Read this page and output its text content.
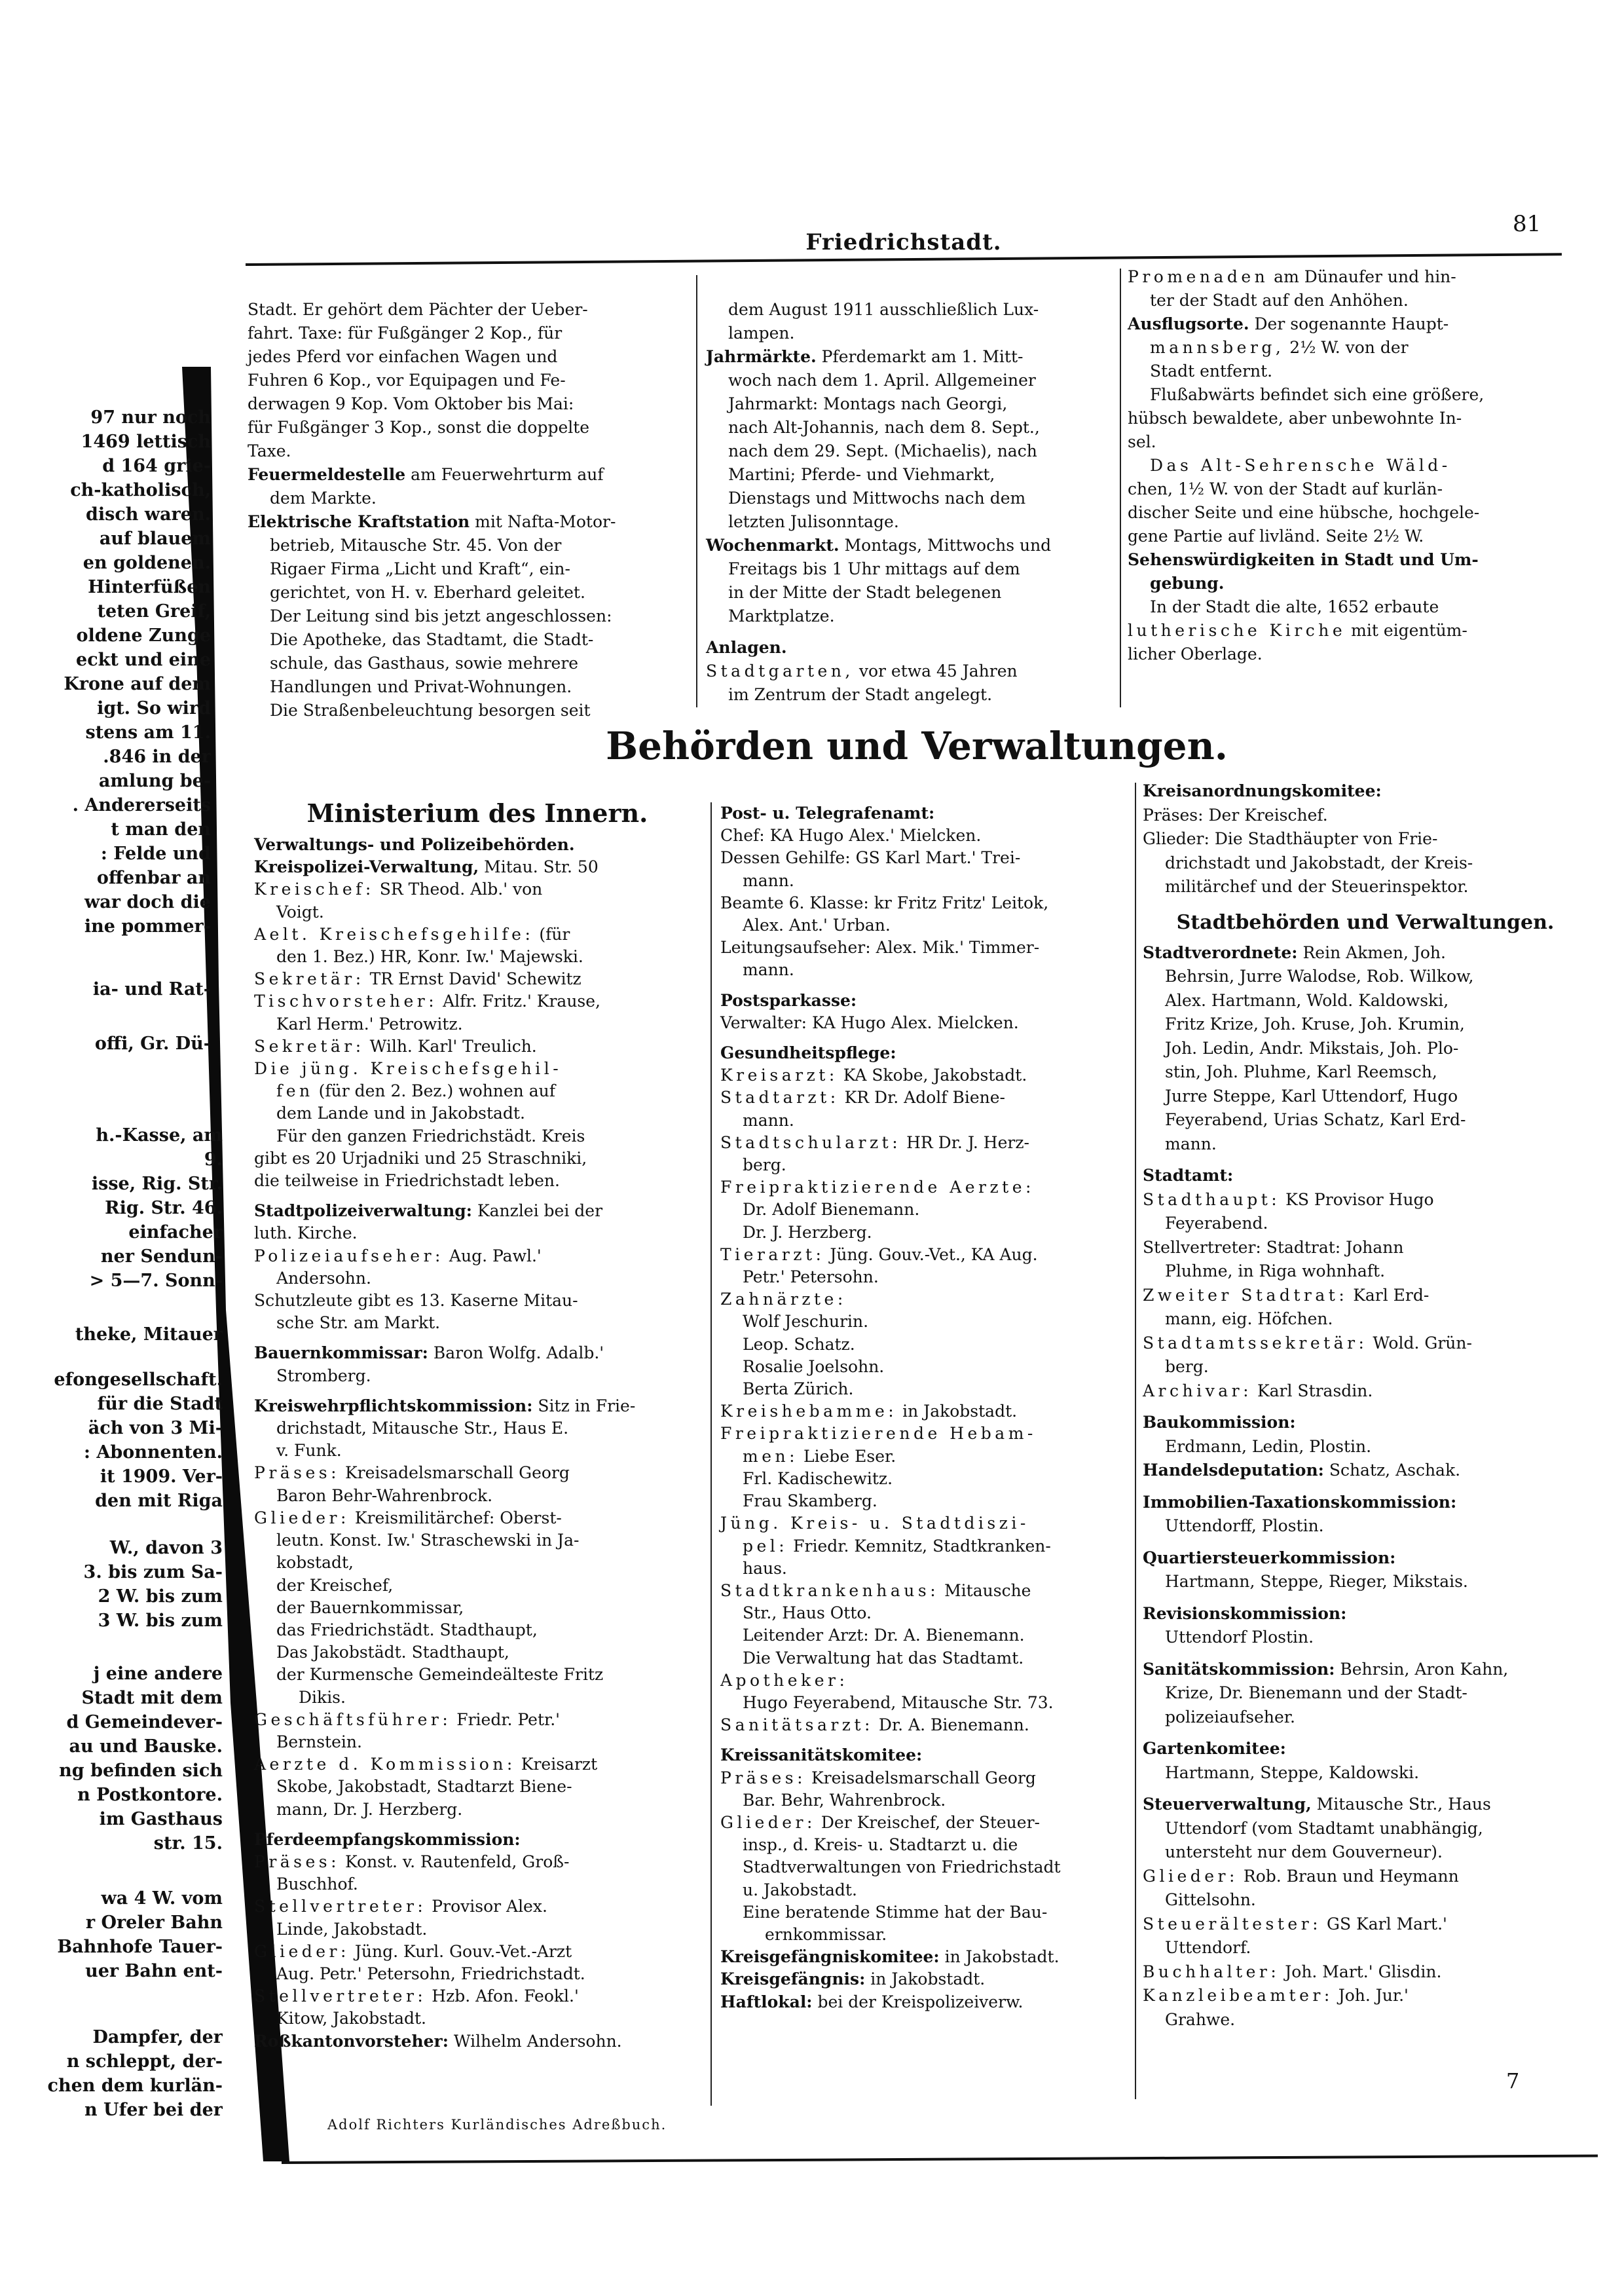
97 nur noch
1469 lettisch
d 164 grie-
ch-katholisch,
disch waren.
auf blauem
en goldenen.
Hinterfüßen
teten Greif,
oldene Zunge
eckt und eine
Krone auf dem
igt. So wird
stens am 11.
.846 in der
amlung be-
. Andererseits
t man den
: Felde und
offenbar an
war doch die
ine pommer-
ia- und Rat-
offi, Gr. Dü-
h.-Kasse, am
9.
isse, Rig. Str.
Rig. Str. 46.
einfacher
ner Sendun-
> 5—7. Sonn-
theke, Mitauer
efongesellschaft.
für die Stadt
äch von 3 Mi-
: Abonnenten.
it 1909. Ver-
den mit Riga
W., davon 3
3. bis zum Sa-
2 W. bis zum
3 W. bis zum
j eine andere
Stadt mit dem
d Gemeindever-
au und Bauske.
ng befinden sich
n Postkontore.
im Gasthaus
str. 15.
wa 4 W. vom
r Oreler Bahn
Bahnhofe Tauer-
uer Bahn ent-
Dampfer, der
n schleppt, der-
chen dem kurlän-
n Ufer bei der
Friedrichstadt.
81
Behörden und Verwaltungen.
Stadt. Er gehört dem Pächter der Ueber-
fahrt. Taxe: für Fußgänger 2 Kop., für
jedes Pferd vor einfachen Wagen und
Fuhren 6 Kop., vor Equipagen und Fe-
derwagen 9 Kop. Vom Oktober bis Mai:
für Fußgänger 3 Kop., sonst die doppelte
Taxe.
Feuermeldestelle am Feuerwehrturm auf
dem Markte.
Elektrische Kraftstation mit Nafta-Motor-
betrieb, Mitausche Str. 45. Von der
Rigaer Firma „Licht und Kraft“, ein-
gerichtet, von H. v. Eberhard geleitet.
Der Leitung sind bis jetzt angeschlossen:
Die Apotheke, das Stadtamt, die Stadt-
schule, das Gasthaus, sowie mehrere
Handlungen und Privat-Wohnungen.
Die Straßenbeleuchtung besorgen seit
dem August 1911 ausschließlich Lux-
lampen.
Jahrmärkte. Pferdemarkt am 1. Mitt-
woch nach dem 1. April. Allgemeiner
Jahrmarkt: Montags nach Georgi,
nach Alt-Johannis, nach dem 8. Sept.,
nach dem 29. Sept. (Michaelis), nach
Martini; Pferde- und Viehmarkt,
Dienstags und Mittwochs nach dem
letzten Julisonntage.
Wochenmarkt. Montags, Mittwochs und
Freitags bis 1 Uhr mittags auf dem
in der Mitte der Stadt belegenen
Marktplatze.
Anlagen.
Stadtgarten, vor etwa 45 Jahren
im Zentrum der Stadt angelegt.
Promenaden am Dünaufer und hin-
ter der Stadt auf den Anhöhen.
Ausflugsorte. Der sogenannte Haupt-
mannsberg, 2½ W. von der
Stadt entfernt.
Flußabwärts befindet sich eine größere,
hübsch bewaldete, aber unbewohnte In-
sel.
Das Alt-Sehrensche Wäld-
chen, 1½ W. von der Stadt auf kurlän-
discher Seite und eine hübsche, hochgele-
gene Partie auf livländ. Seite 2½ W.
Sehenswürdigkeiten in Stadt und Um-
gebung.
In der Stadt die alte, 1652 erbaute
lutherische Kirche mit eigentüm-
licher Oberlage.
Ministerium des Innern.
Verwaltungs- und Polizeibehörden.
Kreispolizei-Verwaltung, Mitau. Str. 50
Kreischef: SR Theod. Alb.' von
Voigt.
Aelt. Kreischefsgehilfe: (für
den 1. Bez.) HR, Konr. Iw.' Majewski.
Sekretär: TR Ernst David' Schewitz
Tischvorsteher: Alfr. Fritz.' Krause,
Karl Herm.' Petrowitz.
Sekretär: Wilh. Karl' Treulich.
Die jüng. Kreischefsgehil-
fen (für den 2. Bez.) wohnen auf
dem Lande und in Jakobstadt.
Für den ganzen Friedrichstädt. Kreis
gibt es 20 Urjadniki und 25 Straschniki,
die teilweise in Friedrichstadt leben.
Stadtpolizeiverwaltung: Kanzlei bei der
luth. Kirche.
Polizeiaufseher: Aug. Pawl.'
Andersohn.
Schutzleute gibt es 13. Kaserne Mitau-
sche Str. am Markt.
Bauernkommissar: Baron Wolfg. Adalb.'
Stromberg.
Kreiswehrpflichtskommission: Sitz in Frie-
drichstadt, Mitausche Str., Haus E.
v. Funk.
Präses: Kreisadelsmarschall Georg
Baron Behr-Wahrenbrock.
Glieder: Kreismilitärchef: Oberst-
leutn. Konst. Iw.' Straschewski in Ja-
kobstadt,
der Kreischef,
der Bauernkommissar,
das Friedrichstädt. Stadthaupt,
Das Jakobstädt. Stadthaupt,
der Kurmensche Gemeindeälteste Fritz
Dikis.
Geschäftsführer: Friedr. Petr.'
Bernstein.
Aerzte d. Kommission: Kreisarzt
Skobe, Jakobstadt, Stadtarzt Biene-
mann, Dr. J. Herzberg.
Pferdeempfangskommission:
Präses: Konst. v. Rautenfeld, Groß-
Buschhof.
Stellvertreter: Provisor Alex.
Linde, Jakobstadt.
Glieder: Jüng. Kurl. Gouv.-Vet.-Arzt
Aug. Petr.' Petersohn, Friedrichstadt.
Stellvertreter: Hzb. Afon. Feokl.'
Kitow, Jakobstadt.
Roßkantonvorsteher: Wilhelm Andersohn.
Post- u. Telegrafenamt:
Chef: KA Hugo Alex.' Mielcken.
Dessen Gehilfe: GS Karl Mart.' Trei-
mann.
Beamte 6. Klasse: kr Fritz Fritz' Leitok,
Alex. Ant.' Urban.
Leitungsaufseher: Alex. Mik.' Timmer-
mann.
Postsparkasse:
Verwalter: KA Hugo Alex. Mielcken.
Gesundheitspflege:
Kreisarzt: KA Skobe, Jakobstadt.
Stadtarzt: KR Dr. Adolf Biene-
mann.
Stadtschularzt: HR Dr. J. Herz-
berg.
Freipraktizierende Aerzte:
Dr. Adolf Bienemann.
Dr. J. Herzberg.
Tierarzt: Jüng. Gouv.-Vet., KA Aug.
Petr.' Petersohn.
Zahnärzte:
Wolf Jeschurin.
Leop. Schatz.
Rosalie Joelsohn.
Berta Zürich.
Kreishebamme: in Jakobstadt.
Freipraktizierende Hebam-
men: Liebe Eser.
Frl. Kadischewitz.
Frau Skamberg.
Jüng. Kreis- u. Stadtdiszi-
pel: Friedr. Kemnitz, Stadtkranken-
haus.
Stadtkrankenhaus: Mitausche
Str., Haus Otto.
Leitender Arzt: Dr. A. Bienemann.
Die Verwaltung hat das Stadtamt.
Apotheker:
Hugo Feyerabend, Mitausche Str. 73.
Sanitätsarzt: Dr. A. Bienemann.
Kreissanitätskomitee:
Präses: Kreisadelsmarschall Georg
Bar. Behr, Wahrenbrock.
Glieder: Der Kreischef, der Steuer-
insp., d. Kreis- u. Stadtarzt u. die
Stadtverwaltungen von Friedrichstadt
u. Jakobstadt.
Eine beratende Stimme hat der Bau-
ernkommissar.
Kreisgefängniskomitee: in Jakobstadt.
Kreisgefängnis: in Jakobstadt.
Haftlokal: bei der Kreispolizeiverw.
Kreisanordnungskomitee:
Präses: Der Kreischef.
Glieder: Die Stadthäupter von Frie-
drichstadt und Jakobstadt, der Kreis-
militärchef und der Steuerinspektor.
Stadtbehörden und Verwaltungen.
Stadtverordnete: Rein Akmen, Joh.
Behrsin, Jurre Walodse, Rob. Wilkow,
Alex. Hartmann, Wold. Kaldowski,
Fritz Krize, Joh. Kruse, Joh. Krumin,
Joh. Ledin, Andr. Mikstais, Joh. Plo-
stin, Joh. Pluhme, Karl Reemsch,
Jurre Steppe, Karl Uttendorf, Hugo
Feyerabend, Urias Schatz, Karl Erd-
mann.
Stadtamt:
Stadthaupt: KS Provisor Hugo
Feyerabend.
Stellvertreter: Stadtrat: Johann
Pluhme, in Riga wohnhaft.
Zweiter Stadtrat: Karl Erd-
mann, eig. Höfchen.
Stadtamtssekretär: Wold. Grün-
berg.
Archivar: Karl Strasdin.
Baukommission:
Erdmann, Ledin, Plostin.
Handelsdeputation: Schatz, Aschak.
Immobilien-Taxationskommission:
Uttendorff, Plostin.
Quartiersteuerkommission:
Hartmann, Steppe, Rieger, Mikstais.
Revisionskommission:
Uttendorf Plostin.
Sanitätskommission: Behrsin, Aron Kahn,
Krize, Dr. Bienemann und der Stadt-
polizeiaufseher.
Gartenkomitee:
Hartmann, Steppe, Kaldowski.
Steuerverwaltung, Mitausche Str., Haus
Uttendorf (vom Stadtamt unabhängig,
untersteht nur dem Gouverneur).
Glieder: Rob. Braun und Heymann
Gittelsohn.
Steuerältester: GS Karl Mart.'
Uttendorf.
Buchhalter: Joh. Mart.' Glisdin.
Kanzleibeamter: Joh. Jur.'
Grahwe.
Adolf Richters Kurländisches Adreßbuch.
7
